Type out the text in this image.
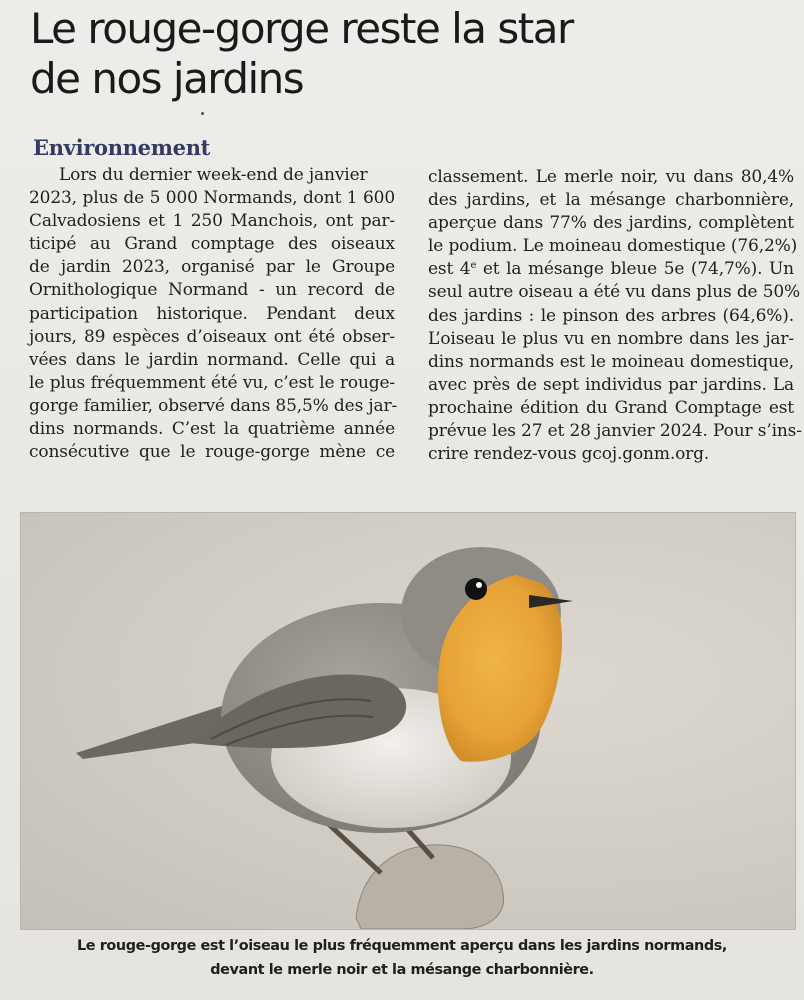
Le rouge-gorge reste la star
de nos jardins
Environnement
Lors du dernier week-end de janvier
2023, plus de 5 000 Normands, dont 1 600
Calvadosiens et 1 250 Manchois, ont par-
ticipé au Grand comptage des oiseaux
de jardin 2023, organisé par le Groupe
Ornithologique Normand - un record de
participation historique. Pendant deux
jours, 89 espèces d’oiseaux ont été obser-
vées dans le jardin normand. Celle qui a
le plus fréquemment été vu, c’est le rouge-
gorge familier, observé dans 85,5% des jar-
dins normands. C’est la quatrième année
consécutive que le rouge-gorge mène ce
classement. Le merle noir, vu dans 80,4%
des jardins, et la mésange charbonnière,
aperçue dans 77% des jardins, complètent
le podium. Le moineau domestique (76,2%)
est 4e et la mésange bleue 5e (74,7%). Un
seul autre oiseau a été vu dans plus de 50%
des jardins : le pinson des arbres (64,6%).
L’oiseau le plus vu en nombre dans les jar-
dins normands est le moineau domestique,
avec près de sept individus par jardins. La
prochaine édition du Grand Comptage est
prévue les 27 et 28 janvier 2024. Pour s’ins-
crire rendez-vous gcoj.gonm.org.
Le rouge-gorge est l’oiseau le plus fréquemment aperçu dans les jardins normands,
devant le merle noir et la mésange charbonnière.
